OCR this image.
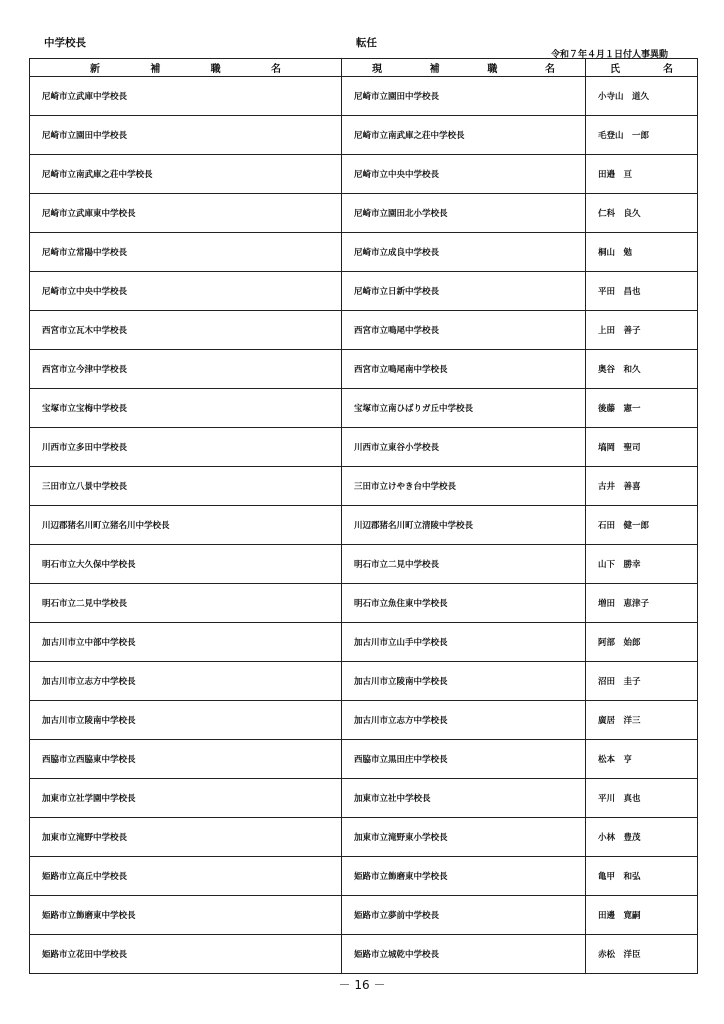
中学校長	転任
令和７年４月１日付人事異動
新 補 職 名	現 補 職 名	氏 名

尼崎市立武庫中学校長	尼崎市立園田中学校長	小寺山　道久
尼崎市立園田中学校長	尼崎市立南武庫之荘中学校長	毛登山　一郎
尼崎市立南武庫之荘中学校長	尼崎市立中央中学校長	田邉　亘
尼崎市立武庫東中学校長	尼崎市立園田北小学校長	仁科　良久
尼崎市立常陽中学校長	尼崎市立成良中学校長	桐山　勉
尼崎市立中央中学校長	尼崎市立日新中学校長	平田　昌也
西宮市立瓦木中学校長	西宮市立鳴尾中学校長	上田　善子
西宮市立今津中学校長	西宮市立鳴尾南中学校長	奥谷　和久
宝塚市立宝梅中学校長	宝塚市立南ひばりガ丘中学校長	後藤　憲一
川西市立多田中学校長	川西市立東谷小学校長	塙岡　聖司
三田市立八景中学校長	三田市立けやき台中学校長	古井　善喜
川辺郡猪名川町立猪名川中学校長	川辺郡猪名川町立清陵中学校長	石田　健一郎
明石市立大久保中学校長	明石市立二見中学校長	山下　勝幸
明石市立二見中学校長	明石市立魚住東中学校長	増田　恵津子
加古川市立中部中学校長	加古川市立山手中学校長	阿部　始郎
加古川市立志方中学校長	加古川市立陵南中学校長	沼田　圭子
加古川市立陵南中学校長	加古川市立志方中学校長	廣居　洋三
西脇市立西脇東中学校長	西脇市立黒田庄中学校長	松本　亨
加東市立社学園中学校長	加東市立社中学校長	平川　真也
加東市立滝野中学校長	加東市立滝野東小学校長	小林　豊茂
姫路市立高丘中学校長	姫路市立飾磨東中学校長	亀甲　和弘
姫路市立飾磨東中学校長	姫路市立夢前中学校長	田邊　寛嗣
姫路市立花田中学校長	姫路市立城乾中学校長	赤松　洋臣
－ 16 －
